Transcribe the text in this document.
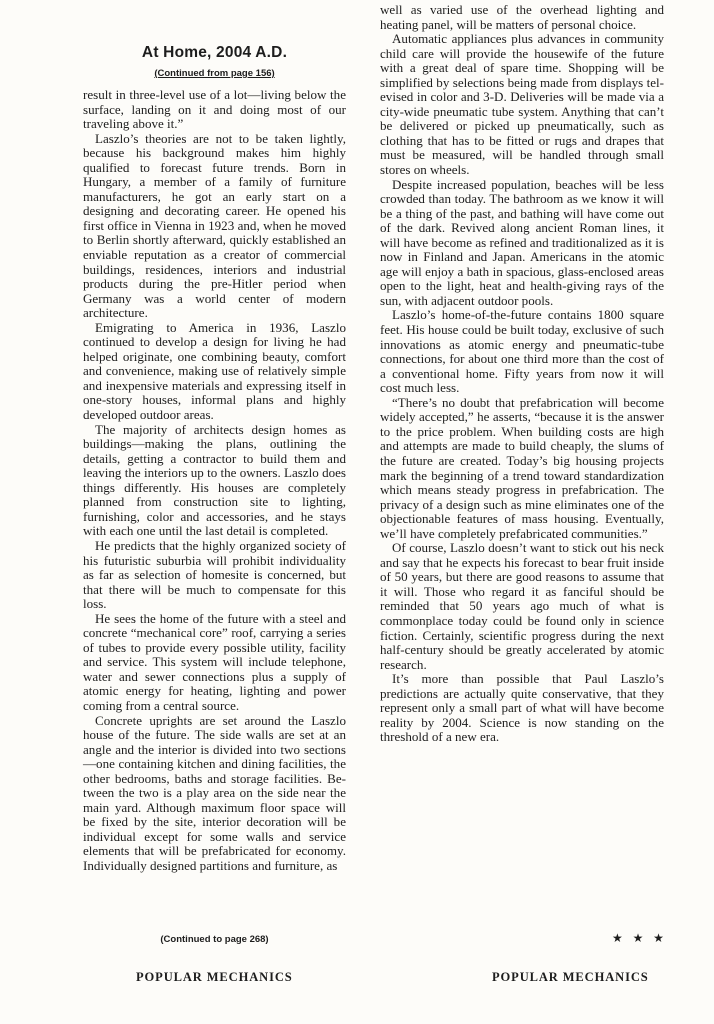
At Home, 2004 A.D.
(Continued from page 156)

result in three-level use of a lot—living below the surface, landing on it and doing most of our traveling above it.”

Laszlo’s theories are not to be taken lightly, because his background makes him highly qualified to forecast future trends. Born in Hungary, a member of a family of furniture manufacturers, he got an early start on a designing and decorating career. He opened his first office in Vienna in 1923 and, when he moved to Berlin shortly afterward, quickly established an enviable reputation as a creator of commercial buildings, residences, interiors and industrial products during the pre-Hitler period when Germany was a world center of modern architecture.

Emigrating to America in 1936, Laszlo continued to develop a design for living he had helped originate, one combining beauty, comfort and convenience, making use of relatively simple and inexpensive materials and expressing itself in one-story houses, informal plans and highly developed outdoor areas.

The majority of architects design homes as buildings—making the plans, outlining the details, getting a contractor to build them and leaving the interiors up to the owners. Laszlo does things differently. His houses are completely planned from construction site to lighting, furnishing, color and accessories, and he stays with each one until the last detail is completed.

He predicts that the highly organized society of his futuristic suburbia will prohibit individuality as far as selection of homesite is concerned, but that there will be much to compensate for this loss.

He sees the home of the future with a steel and concrete “mechanical core” roof, carrying a series of tubes to provide every possible utility, facility and service. This system will include telephone, water and sewer connections plus a supply of atomic energy for heating, lighting and power coming from a central source.

Concrete uprights are set around the Laszlo house of the future. The side walls are set at an angle and the interior is divided into two sections—one containing kitchen and dining facilities, the other bedrooms, baths and storage facilities. Between the two is a play area on the side near the main yard. Although maximum floor space will be fixed by the site, interior decoration will be individual except for some walls and service elements that will be prefabricated for economy. Individually designed partitions and furniture, as

(Continued to page 268)

well as varied use of the overhead lighting and heating panel, will be matters of personal choice.

Automatic appliances plus advances in community child care will provide the housewife of the future with a great deal of spare time. Shopping will be simplified by selections being made from displays televised in color and 3-D. Deliveries will be made via a city-wide pneumatic tube system. Anything that can’t be delivered or picked up pneumatically, such as clothing that has to be fitted or rugs and drapes that must be measured, will be handled through small stores on wheels.

Despite increased population, beaches will be less crowded than today. The bathroom as we know it will be a thing of the past, and bathing will have come out of the dark. Revived along ancient Roman lines, it will have become as refined and traditionalized as it is now in Finland and Japan. Americans in the atomic age will enjoy a bath in spacious, glass-enclosed areas open to the light, heat and health-giving rays of the sun, with adjacent outdoor pools.

Laszlo’s home-of-the-future contains 1800 square feet. His house could be built today, exclusive of such innovations as atomic energy and pneumatic-tube connections, for about one third more than the cost of a conventional home. Fifty years from now it will cost much less.

“There’s no doubt that prefabrication will become widely accepted,” he asserts, “because it is the answer to the price problem. When building costs are high and attempts are made to build cheaply, the slums of the future are created. Today’s big housing projects mark the beginning of a trend toward standardization which means steady progress in prefabrication. The privacy of a design such as mine eliminates one of the objectionable features of mass housing. Eventually, we’ll have completely prefabricated communities.”

Of course, Laszlo doesn’t want to stick out his neck and say that he expects his forecast to bear fruit inside of 50 years, but there are good reasons to assume that it will. Those who regard it as fanciful should be reminded that 50 years ago much of what is commonplace today could be found only in science fiction. Certainly, scientific progress during the next half-century should be greatly accelerated by atomic research.

It’s more than possible that Paul Laszlo’s predictions are actually quite conservative, that they represent only a small part of what will have become reality by 2004. Science is now standing on the threshold of a new era.

★ ★ ★
POPULAR MECHANICS	POPULAR MECHANICS
